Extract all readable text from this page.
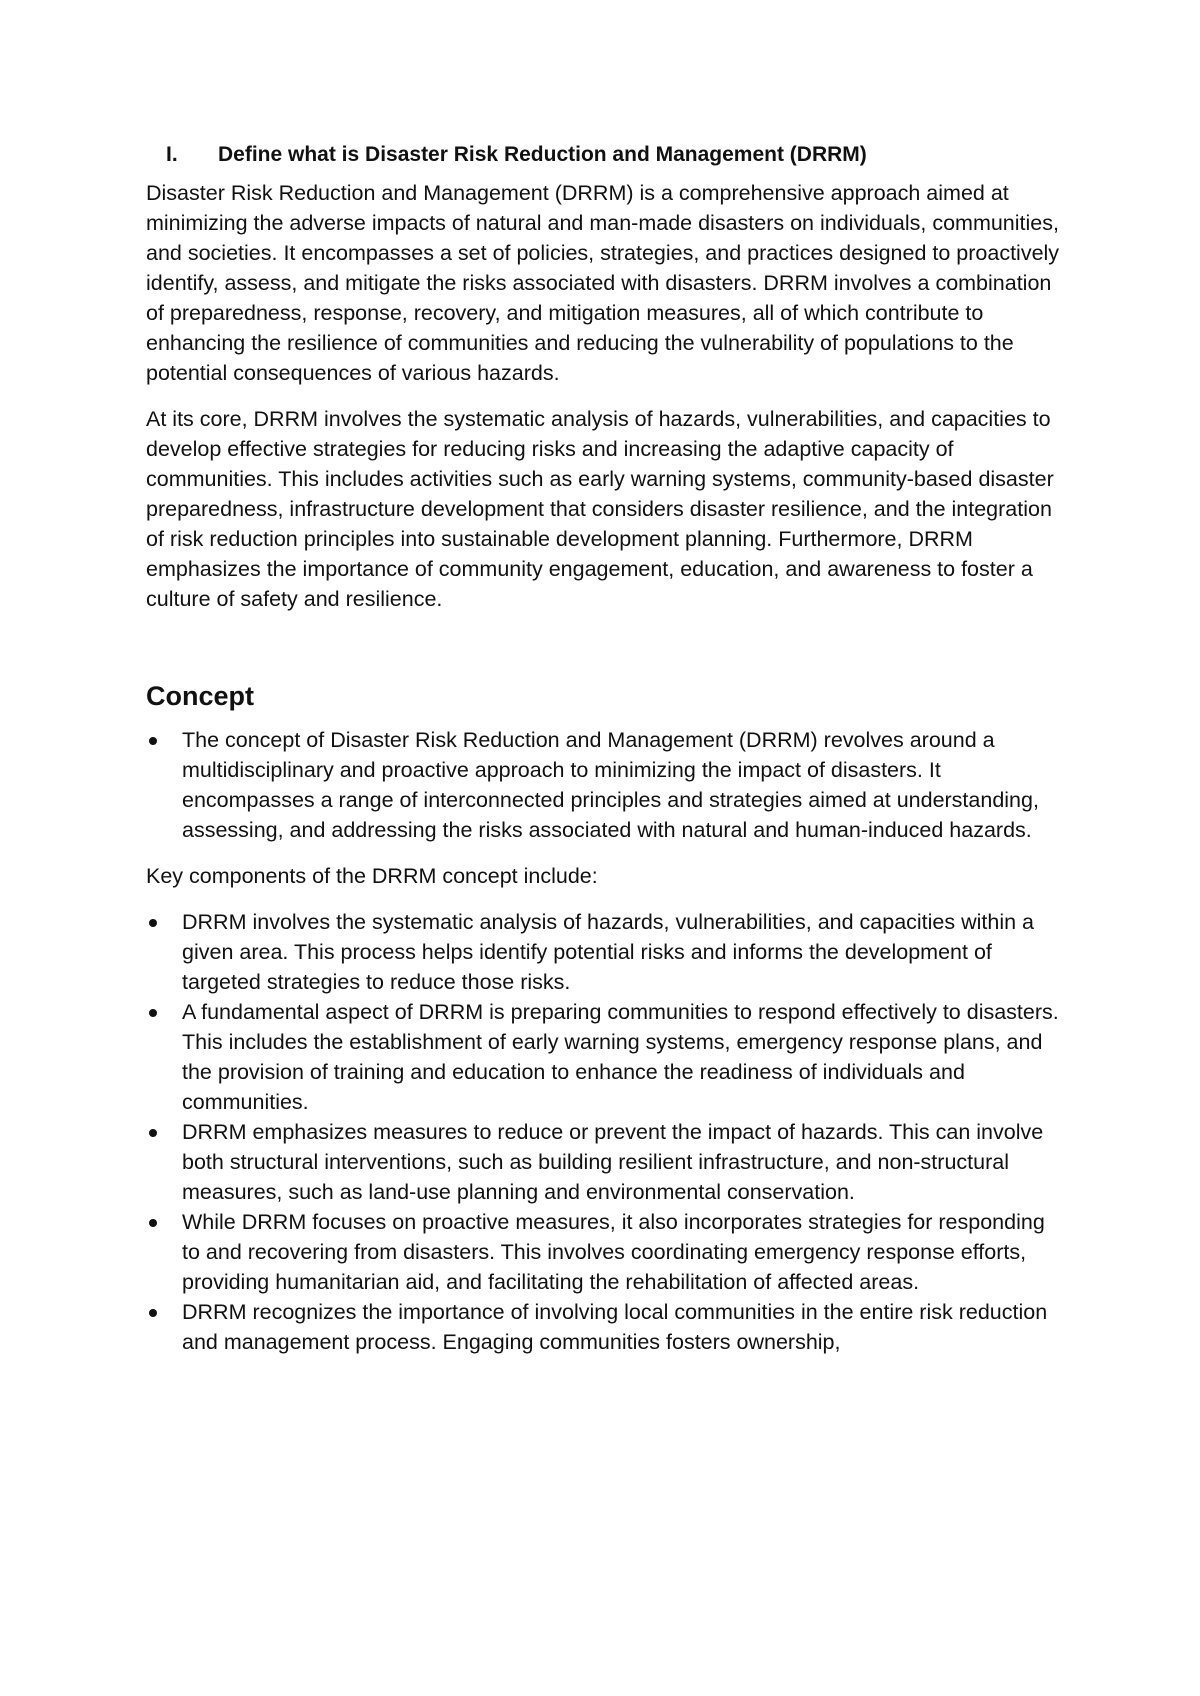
I.	Define what is Disaster Risk Reduction and Management (DRRM)

Disaster Risk Reduction and Management (DRRM) is a comprehensive approach aimed at minimizing the adverse impacts of natural and man-made disasters on individuals, communities, and societies. It encompasses a set of policies, strategies, and practices designed to proactively identify, assess, and mitigate the risks associated with disasters. DRRM involves a combination of preparedness, response, recovery, and mitigation measures, all of which contribute to enhancing the resilience of communities and reducing the vulnerability of populations to the potential consequences of various hazards.

At its core, DRRM involves the systematic analysis of hazards, vulnerabilities, and capacities to develop effective strategies for reducing risks and increasing the adaptive capacity of communities. This includes activities such as early warning systems, community-based disaster preparedness, infrastructure development that considers disaster resilience, and the integration of risk reduction principles into sustainable development planning. Furthermore, DRRM emphasizes the importance of community engagement, education, and awareness to foster a culture of safety and resilience.

Concept
The concept of Disaster Risk Reduction and Management (DRRM) revolves around a multidisciplinary and proactive approach to minimizing the impact of disasters. It encompasses a range of interconnected principles and strategies aimed at understanding, assessing, and addressing the risks associated with natural and human-induced hazards.

Key components of the DRRM concept include:

DRRM involves the systematic analysis of hazards, vulnerabilities, and capacities within a given area. This process helps identify potential risks and informs the development of targeted strategies to reduce those risks.
A fundamental aspect of DRRM is preparing communities to respond effectively to disasters. This includes the establishment of early warning systems, emergency response plans, and the provision of training and education to enhance the readiness of individuals and communities.
DRRM emphasizes measures to reduce or prevent the impact of hazards. This can involve both structural interventions, such as building resilient infrastructure, and non-structural measures, such as land-use planning and environmental conservation.
While DRRM focuses on proactive measures, it also incorporates strategies for responding to and recovering from disasters. This involves coordinating emergency response efforts, providing humanitarian aid, and facilitating the rehabilitation of affected areas.
DRRM recognizes the importance of involving local communities in the entire risk reduction and management process. Engaging communities fosters ownership,
